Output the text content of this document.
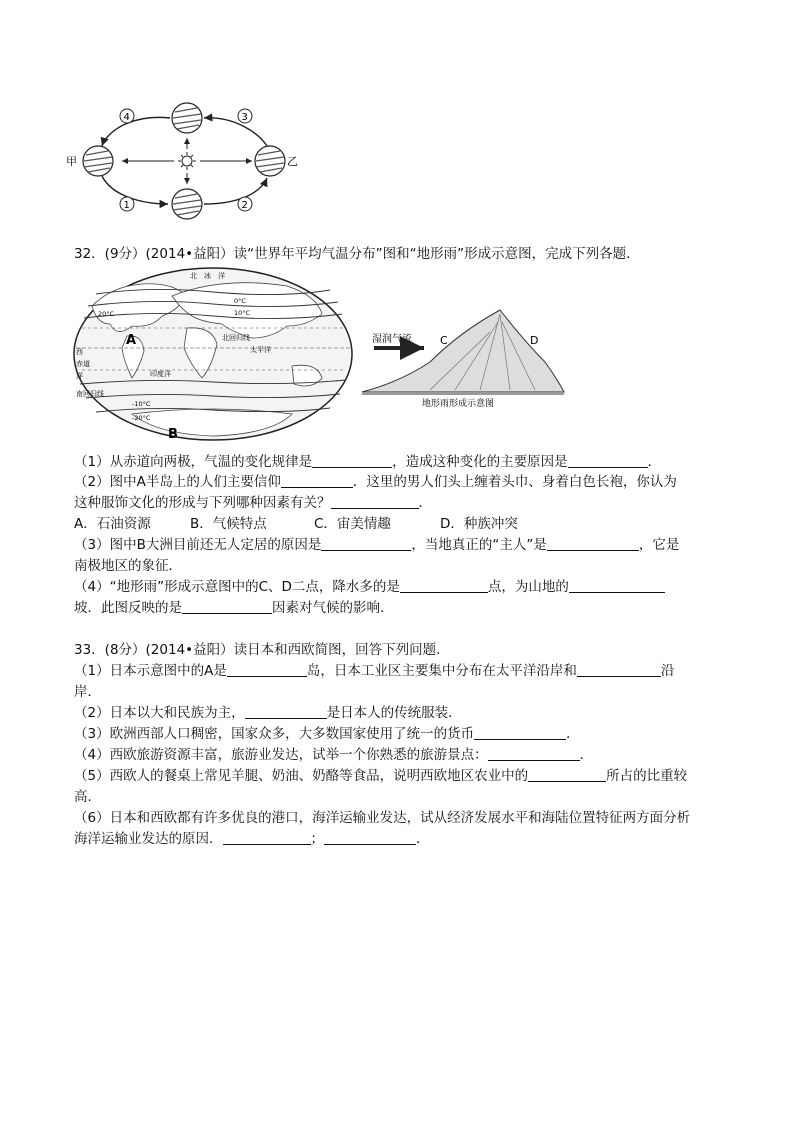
甲	乙
4	3
1	2
32．(9分）(2014•益阳）读“世界年平均气温分布”图和“地形雨”形成示意图，完成下列各题．
北　冰　洋
太平洋
印度洋
西
赤道
洋
南回归线
北回归线
20°C	10°C
0°C
-10°C
-20°C
A
B
湿润气流	C	D
地形雨形成示意图
（1）从赤道向两极，气温的变化规律是	，造成这种变化的主要原因是	．
（2）图中A半岛上的人们主要信仰	．这里的男人们头上缠着头巾、身着白色长袍，你认为
这种服饰文化的形成与下列哪种因素有关？	．
A．石油资源	B．气候特点	C．宙美情趣	D．种族冲突
（3）图中B大洲目前还无人定居的原因是	，当地真正的“主人”是	，它是
南极地区的象征．
（4）“地形雨”形成示意图中的C、D二点，降水多的是	点，为山地的
坡．此图反映的是	因素对气候的影响．
33．(8分）(2014•益阳）读日本和西欧简图，回答下列问题．
（1）日本示意图中的A是	岛，日本工业区主要集中分布在太平洋沿岸和	沿
岸．
（2）日本以大和民族为主，	是日本人的传统服装．
（3）欧洲西部人口稠密，国家众多，大多数国家使用了统一的货币	．
（4）西欧旅游资源丰富，旅游业发达，试举一个你熟悉的旅游景点：	．
（5）西欧人的餐桌上常见羊腿、奶油、奶酪等食品，说明西欧地区农业中的	所占的比重较
高．
（6）日本和西欧都有许多优良的港口，海洋运输业发达，试从经济发展水平和海陆位置特征两方面分析
海洋运输业发达的原因．	；	．
